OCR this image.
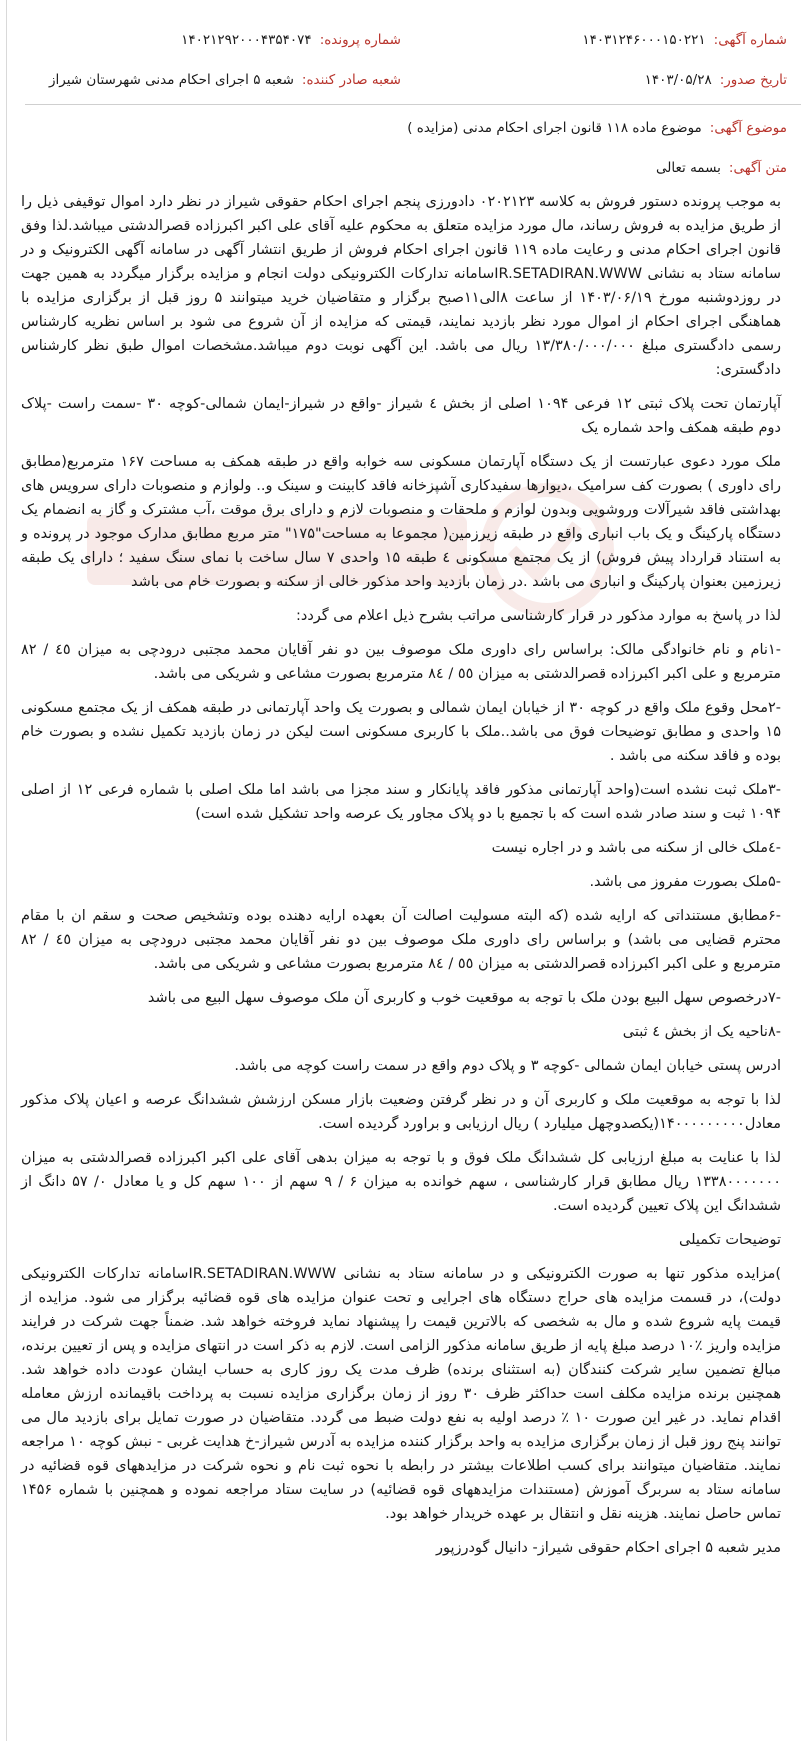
شماره آگهی:
۱۴۰۳۱۲۴۶۰۰۰۱۵۰۲۲۱
شماره پرونده:
۱۴۰۲۱۲۹۲۰۰۰۴۳۵۴۰۷۴
تاریخ صدور:
۱۴۰۳/۰۵/۲۸
شعبه صادر کننده:
شعبه ۵ اجرای احکام مدنی شهرستان شیراز
موضوع آگهی:
موضوع ماده ۱۱۸ قانون اجرای احکام مدنی (مزایده )
متن آگهی:
بسمه تعالی

به موجب پرونده دستور فروش به کلاسه ۰۲۰۲۱۲۳ دادورزی پنجم اجرای احکام حقوقی شیراز در نظر دارد اموال توقیفی ذیل را از طریق مزایده به فروش رساند، مال مورد مزایده متعلق به محکوم علیه آقای علی اکبر اکبرزاده قصرالدشتی میباشد.لذا وفق قانون اجرای احکام مدنی و رعایت ماده ۱۱۹ قانون اجرای احکام فروش از طریق انتشار آگهی در سامانه آگهی الکترونیک و در سامانه ستاد به نشانی IR.SETADIRAN.WWWسامانه تدارکات الکترونیکی دولت انجام و مزایده برگزار میگردد به همین جهت در روزدوشنبه مورخ ۱۴۰۳/۰۶/۱۹ از ساعت ۸الی۱۱صبح برگزار و متقاضیان خرید میتوانند ۵ روز قبل از برگزاری مزایده با هماهنگی اجرای احکام از اموال مورد نظر بازدید نمایند، قیمتی که مزایده از آن شروع می شود بر اساس نظریه کارشناس رسمی دادگستری مبلغ ۱۳/۳۸۰/۰۰۰/۰۰۰ ریال می باشد. این آگهی نوبت دوم میباشد.مشخصات اموال طبق نظر کارشناس دادگستری:

آپارتمان تحت پلاک ثبتی ۱۲ فرعی ۱۰۹۴ اصلی از بخش ٤ شیراز -واقع در شیراز-ایمان شمالی-کوچه ۳۰ -سمت راست -پلاک دوم طبقه همکف واحد شماره یک

ملک مورد دعوی عبارتست از یک دستگاه آپارتمان مسکونی سه خوابه واقع در طبقه همکف به مساحت ۱۶۷ مترمربع(مطابق رای داوری ) بصورت کف سرامیک ،دیوارها سفیدکاری آشپزخانه فاقد کابینت و سینک و.. ولوازم و منصوبات دارای سرویس های بهداشتی فاقد شیرآلات وروشویی وبدون لوازم و ملحقات و منصوبات لازم و دارای برق موقت ،آب مشترک و گاز به انضمام یک دستگاه پارکینگ و یک باب انباری واقع در طبقه زیرزمین( مجموعا به مساحت"۱۷۵" متر مربع مطابق مدارک موجود در پرونده و به استناد قرارداد پیش فروش) از یک مجتمع مسکونی ٤ طبقه ۱۵ واحدی ۷ سال ساخت با نمای سنگ سفید ؛ دارای یک طبقه زیرزمین بعنوان پارکینگ و انباری می باشد .در زمان بازدید واحد مذکور خالی از سکنه و بصورت خام می باشد

لذا در پاسخ به موارد مذکور در قرار کارشناسی مراتب بشرح ذیل اعلام می گردد:

-۱نام و نام خانوادگی مالک: براساس رای داوری ملک موصوف بین دو نفر آقایان محمد مجتبی درودچی به میزان ٤٥ / ۸۲ مترمربع و علی اکبر اکبرزاده قصرالدشتی به میزان ٥٥ / ۸٤ مترمربع بصورت مشاعی و شریکی می باشد.

-۲محل وقوع ملک واقع در کوچه ۳۰ از خیابان ایمان شمالی و بصورت یک واحد آپارتمانی در طبقه همکف از یک مجتمع مسکونی ۱۵ واحدی و مطابق توضیحات فوق می باشد..ملک با کاربری مسکونی است لیکن در زمان بازدید تکمیل نشده و بصورت خام بوده و فاقد سکنه می باشد .

-۳ملک ثبت نشده است(واحد آپارتمانی مذکور فاقد پایانکار و سند مجزا می باشد اما ملک اصلی با شماره فرعی ۱۲ از اصلی ۱۰۹۴ ثبت و سند صادر شده است که با تجمیع با دو پلاک مجاور یک عرصه واحد تشکیل شده است)

-٤ملک خالی از سکنه می باشد و در اجاره نیست

-۵ملک بصورت مفروز می باشد.

-۶مطابق مستنداتی که ارایه شده (که البته مسولیت اصالت آن بعهده ارایه دهنده بوده وتشخیص صحت و سقم ان با مقام محترم قضایی می باشد) و براساس رای داوری ملک موصوف بین دو نفر آقایان محمد مجتبی درودچی به میزان ٤٥ / ۸۲ مترمربع و علی اکبر اکبرزاده قصرالدشتی به میزان ٥٥ / ۸٤ مترمربع بصورت مشاعی و شریکی می باشد.

-۷درخصوص سهل البیع بودن ملک با توجه به موقعیت خوب و کاربری آن ملک موصوف سهل البیع می باشد

-۸ناحیه یک از بخش ٤ ثبتی

ادرس پستی خیابان ایمان شمالی -کوچه ۳ و پلاک دوم واقع در سمت راست کوچه می باشد.

لذا با توجه به موقعیت ملک و کاربری آن و در نظر گرفتن وضعیت بازار مسکن ارزشش ششدانگ عرصه و اعیان پلاک مذکور معادل۱۴۰۰۰۰۰۰۰۰۰(یکصدوچهل میلیارد ) ریال ارزیابی و براورد گردیده است.

لذا با عنایت به مبلغ ارزیابی کل ششدانگ ملک فوق و با توجه به میزان بدهی آقای علی اکبر اکبرزاده قصرالدشتی به میزان ۱۳۳۸۰۰۰۰۰۰۰ ریال مطابق قرار کارشناسی ، سهم خوانده به میزان ۶ / ۹ سهم از ۱۰۰ سهم کل و یا معادل ۰/ ۵۷ دانگ از ششدانگ این پلاک تعیین گردیده است.

توضیحات تکمیلی

)مزایده مذکور تنها به صورت الکترونیکی و در سامانه ستاد به نشانی IR.SETADIRAN.WWWسامانه تدارکات الکترونیکی دولت)، در قسمت مزایده های حراج دستگاه های اجرایی و تحت عنوان مزایده های قوه قضائیه برگزار می شود. مزایده از قیمت پایه شروع شده و مال به شخصی که بالاترین قیمت را پیشنهاد نماید فروخته خواهد شد. ضمناً جهت شرکت در فرایند مزایده واریز ٪۱۰ درصد مبلغ پایه از طریق سامانه مذکور الزامی است. لازم به ذکر است در انتهای مزایده و پس از تعیین برنده، مبالغ تضمین سایر شرکت کنندگان (به استثنای برنده) ظرف مدت یک روز کاری به حساب ایشان عودت داده خواهد شد. همچنین برنده مزایده مکلف است حداکثر ظرف ۳۰ روز از زمان برگزاری مزایده نسبت به پرداخت باقیمانده ارزش معامله اقدام نماید. در غیر این صورت ۱۰ ٪ درصد اولیه به نفع دولت ضبط می گردد. متقاضیان در صورت تمایل برای بازدید مال می توانند پنج روز قبل از زمان برگزاری مزایده به واحد برگزار کننده مزایده به آدرس شیراز-خ هدایت غربی - نبش کوچه ۱۰ مراجعه نمایند. متقاضیان میتوانند برای کسب اطلاعات بیشتر در رابطه با نحوه ثبت نام و نحوه شرکت در مزایدههای قوه قضائیه در سامانه ستاد به سربرگ آموزش (مستندات مزایدههای قوه قضائیه) در سایت ستاد مراجعه نموده و همچنین با شماره ۱۴۵۶ تماس حاصل نمایند. هزینه نقل و انتقال بر عهده خریدار خواهد بود.

مدیر شعبه ۵ اجرای احکام حقوقی شیراز- دانیال گودرزپور
